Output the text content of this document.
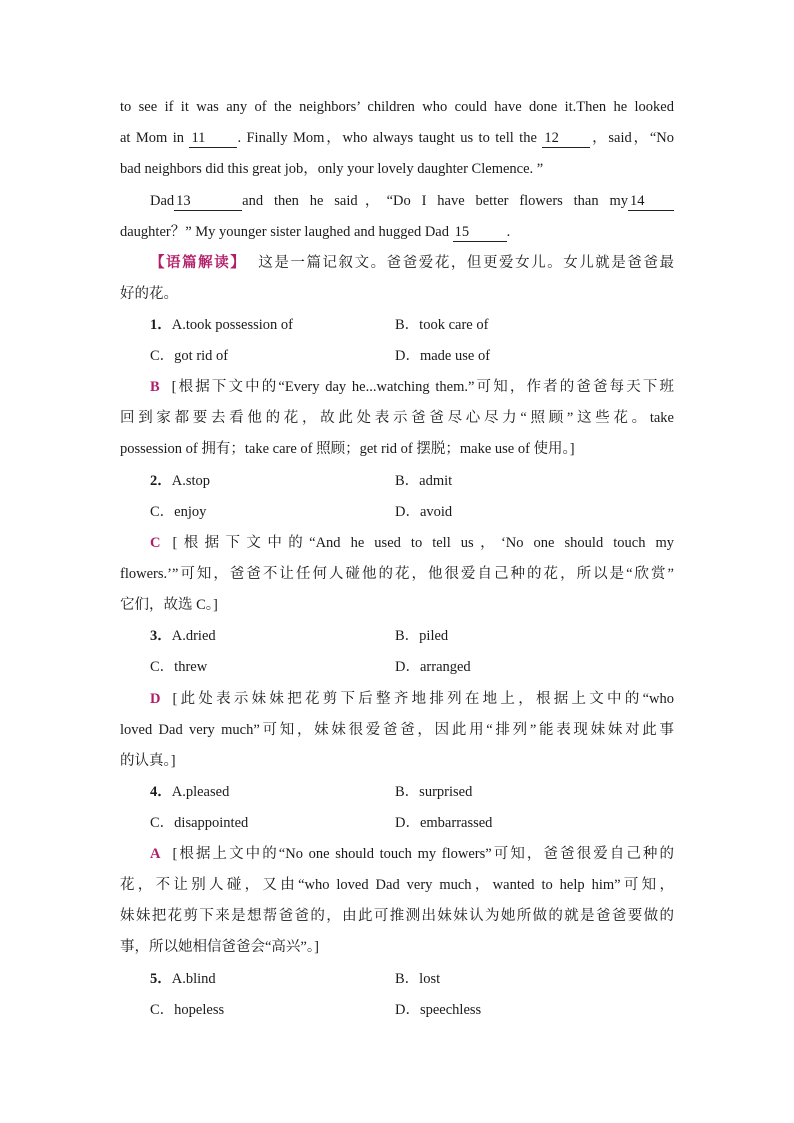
to see if it was any of the neighbors’ children who could have done it.Then he looked
at Mom in 11 . Finally Mom，who always taught us to tell the 12 ，said，“No
bad neighbors did this great job，only your lovely daughter Clemence. ”
Dad 13	and then he said，“Do I have better flowers than my 14
daughter？” My younger sister laughed and hugged Dad 15	.
【语篇解读】 这是一篇记叙文。爸爸爱花，但更爱女儿。女儿就是爸爸最
好的花。
1．A.took possession of	B．took care of
C．got rid of	D．made use of
B [根据下文中的“Every day he...watching them.”可知，作者的爸爸每天下班
回到家都要去看他的花，故此处表示爸爸尽心尽力“照顾”这些花。take
possession of 拥有；take care of 照顾；get rid of 摆脱；make use of 使用。]
2．A.stop	B．admit
C．enjoy	D．avoid
C [根据下文中的“And he used to tell us，‘No one should touch my
flowers.’”可知，爸爸不让任何人碰他的花，他很爱自己种的花，所以是“欣赏”
它们，故选 C。]
3．A.dried	B．piled
C．threw	D．arranged
D [此处表示妹妹把花剪下后整齐地排列在地上，根据上文中的“who
loved Dad very much”可知，妹妹很爱爸爸，因此用“排列”能表现妹妹对此事
的认真。]
4．A.pleased	B．surprised
C．disappointed	D．embarrassed
A [根据上文中的“No one should touch my flowers”可知，爸爸很爱自己种的
花，不让别人碰，又由“who loved Dad very much，wanted to help him”可知，
妹妹把花剪下来是想帮爸爸的，由此可推测出妹妹认为她所做的就是爸爸要做的
事，所以她相信爸爸会“高兴”。]
5．A.blind	B．lost
C．hopeless	D．speechless
